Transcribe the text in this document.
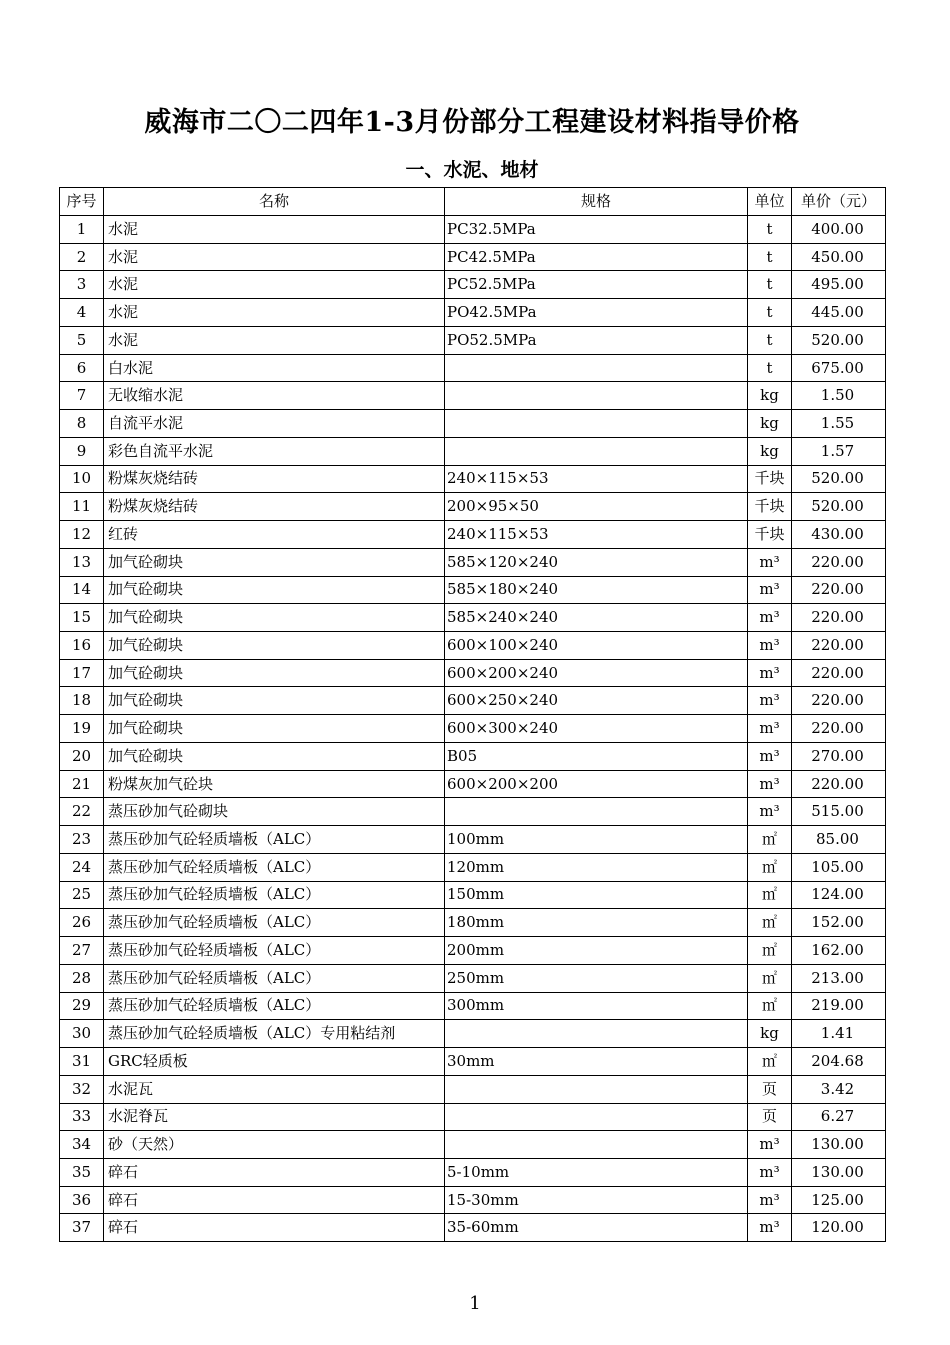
威海市二〇二四年1-3月份部分工程建设材料指导价格
一、水泥、地材
序号	名称	规格	单位	单价（元）
1	水泥	PC32.5MPa	t	400.00
2	水泥	PC42.5MPa	t	450.00
3	水泥	PC52.5MPa	t	495.00
4	水泥	PO42.5MPa	t	445.00
5	水泥	PO52.5MPa	t	520.00
6	白水泥		t	675.00
7	无收缩水泥		kg	1.50
8	自流平水泥		kg	1.55
9	彩色自流平水泥		kg	1.57
10	粉煤灰烧结砖	240×115×53	千块	520.00
11	粉煤灰烧结砖	200×95×50	千块	520.00
12	红砖	240×115×53	千块	430.00
13	加气砼砌块	585×120×240	m³	220.00
14	加气砼砌块	585×180×240	m³	220.00
15	加气砼砌块	585×240×240	m³	220.00
16	加气砼砌块	600×100×240	m³	220.00
17	加气砼砌块	600×200×240	m³	220.00
18	加气砼砌块	600×250×240	m³	220.00
19	加气砼砌块	600×300×240	m³	220.00
20	加气砼砌块	B05	m³	270.00
21	粉煤灰加气砼块	600×200×200	m³	220.00
22	蒸压砂加气砼砌块		m³	515.00
23	蒸压砂加气砼轻质墙板（ALC）	100mm	㎡	85.00
24	蒸压砂加气砼轻质墙板（ALC）	120mm	㎡	105.00
25	蒸压砂加气砼轻质墙板（ALC）	150mm	㎡	124.00
26	蒸压砂加气砼轻质墙板（ALC）	180mm	㎡	152.00
27	蒸压砂加气砼轻质墙板（ALC）	200mm	㎡	162.00
28	蒸压砂加气砼轻质墙板（ALC）	250mm	㎡	213.00
29	蒸压砂加气砼轻质墙板（ALC）	300mm	㎡	219.00
30	蒸压砂加气砼轻质墙板（ALC）专用粘结剂		kg	1.41
31	GRC轻质板	30mm	㎡	204.68
32	水泥瓦		页	3.42
33	水泥脊瓦		页	6.27
34	砂（天然）		m³	130.00
35	碎石	5-10mm	m³	130.00
36	碎石	15-30mm	m³	125.00
37	碎石	35-60mm	m³	120.00
1
